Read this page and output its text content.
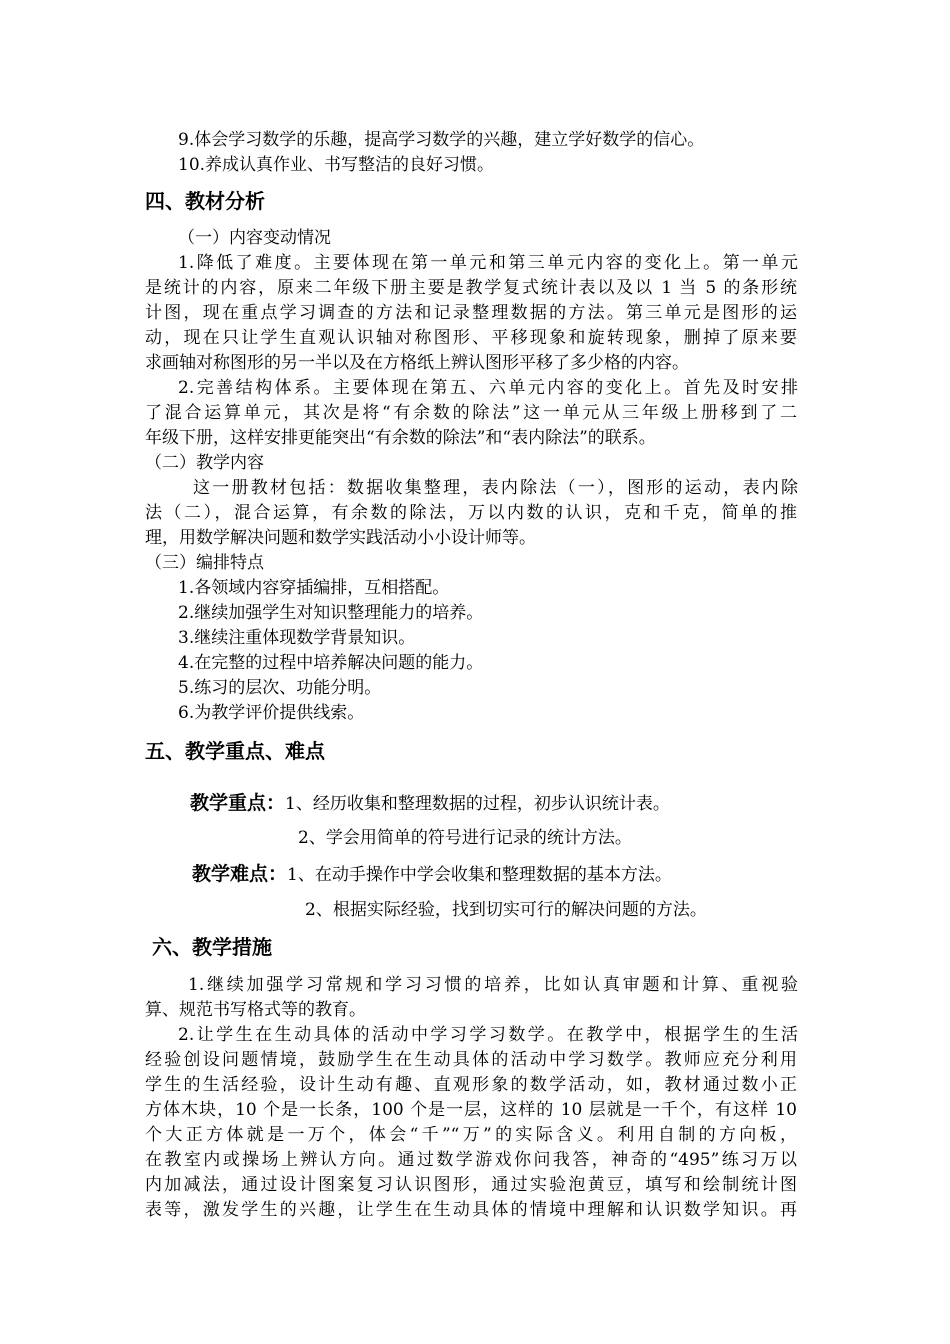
9.体会学习数学的乐趣，提高学习数学的兴趣，建立学好数学的信心。
10.养成认真作业、书写整洁的良好习惯。
四、教材分析
（一）内容变动情况
1.降低了难度。主要体现在第一单元和第三单元内容的变化上。第一单元
是统计的内容，原来二年级下册主要是教学复式统计表以及以 1 当 5 的条形统
计图，现在重点学习调查的方法和记录整理数据的方法。第三单元是图形的运
动，现在只让学生直观认识轴对称图形、平移现象和旋转现象，删掉了原来要
求画轴对称图形的另一半以及在方格纸上辨认图形平移了多少格的内容。
2.完善结构体系。主要体现在第五、六单元内容的变化上。首先及时安排
了混合运算单元，其次是将“有余数的除法”这一单元从三年级上册移到了二
年级下册，这样安排更能突出“有余数的除法”和“表内除法”的联系。
（二）教学内容
这一册教材包括：数据收集整理，表内除法（一），图形的运动，表内除
法（二），混合运算，有余数的除法，万以内数的认识，克和千克，简单的推
理，用数学解决问题和数学实践活动小小设计师等。
（三）编排特点
1.各领域内容穿插编排，互相搭配。
2.继续加强学生对知识整理能力的培养。
3.继续注重体现数学背景知识。
4.在完整的过程中培养解决问题的能力。
5.练习的层次、功能分明。
6.为教学评价提供线索。
五、教学重点、难点
教学重点：1、经历收集和整理数据的过程，初步认识统计表。
2、学会用简单的符号进行记录的统计方法。
教学难点：1、在动手操作中学会收集和整理数据的基本方法。
2、根据实际经验，找到切实可行的解决问题的方法。
六、教学措施
1.继续加强学习常规和学习习惯的培养，比如认真审题和计算、重视验
算、规范书写格式等的教育。
2.让学生在生动具体的活动中学习学习数学。在教学中，根据学生的生活
经验创设问题情境，鼓励学生在生动具体的活动中学习数学。教师应充分利用
学生的生活经验，设计生动有趣、直观形象的数学活动，如，教材通过数小正
方体木块，10 个是一长条，100 个是一层，这样的 10 层就是一千个，有这样 10
个大正方体就是一万个，体会“千”“万”的实际含义。利用自制的方向板，
在教室内或操场上辨认方向。通过数学游戏你问我答，神奇的“495”练习万以
内加减法，通过设计图案复习认识图形，通过实验泡黄豆，填写和绘制统计图
表等，激发学生的兴趣，让学生在生动具体的情境中理解和认识数学知识。再
